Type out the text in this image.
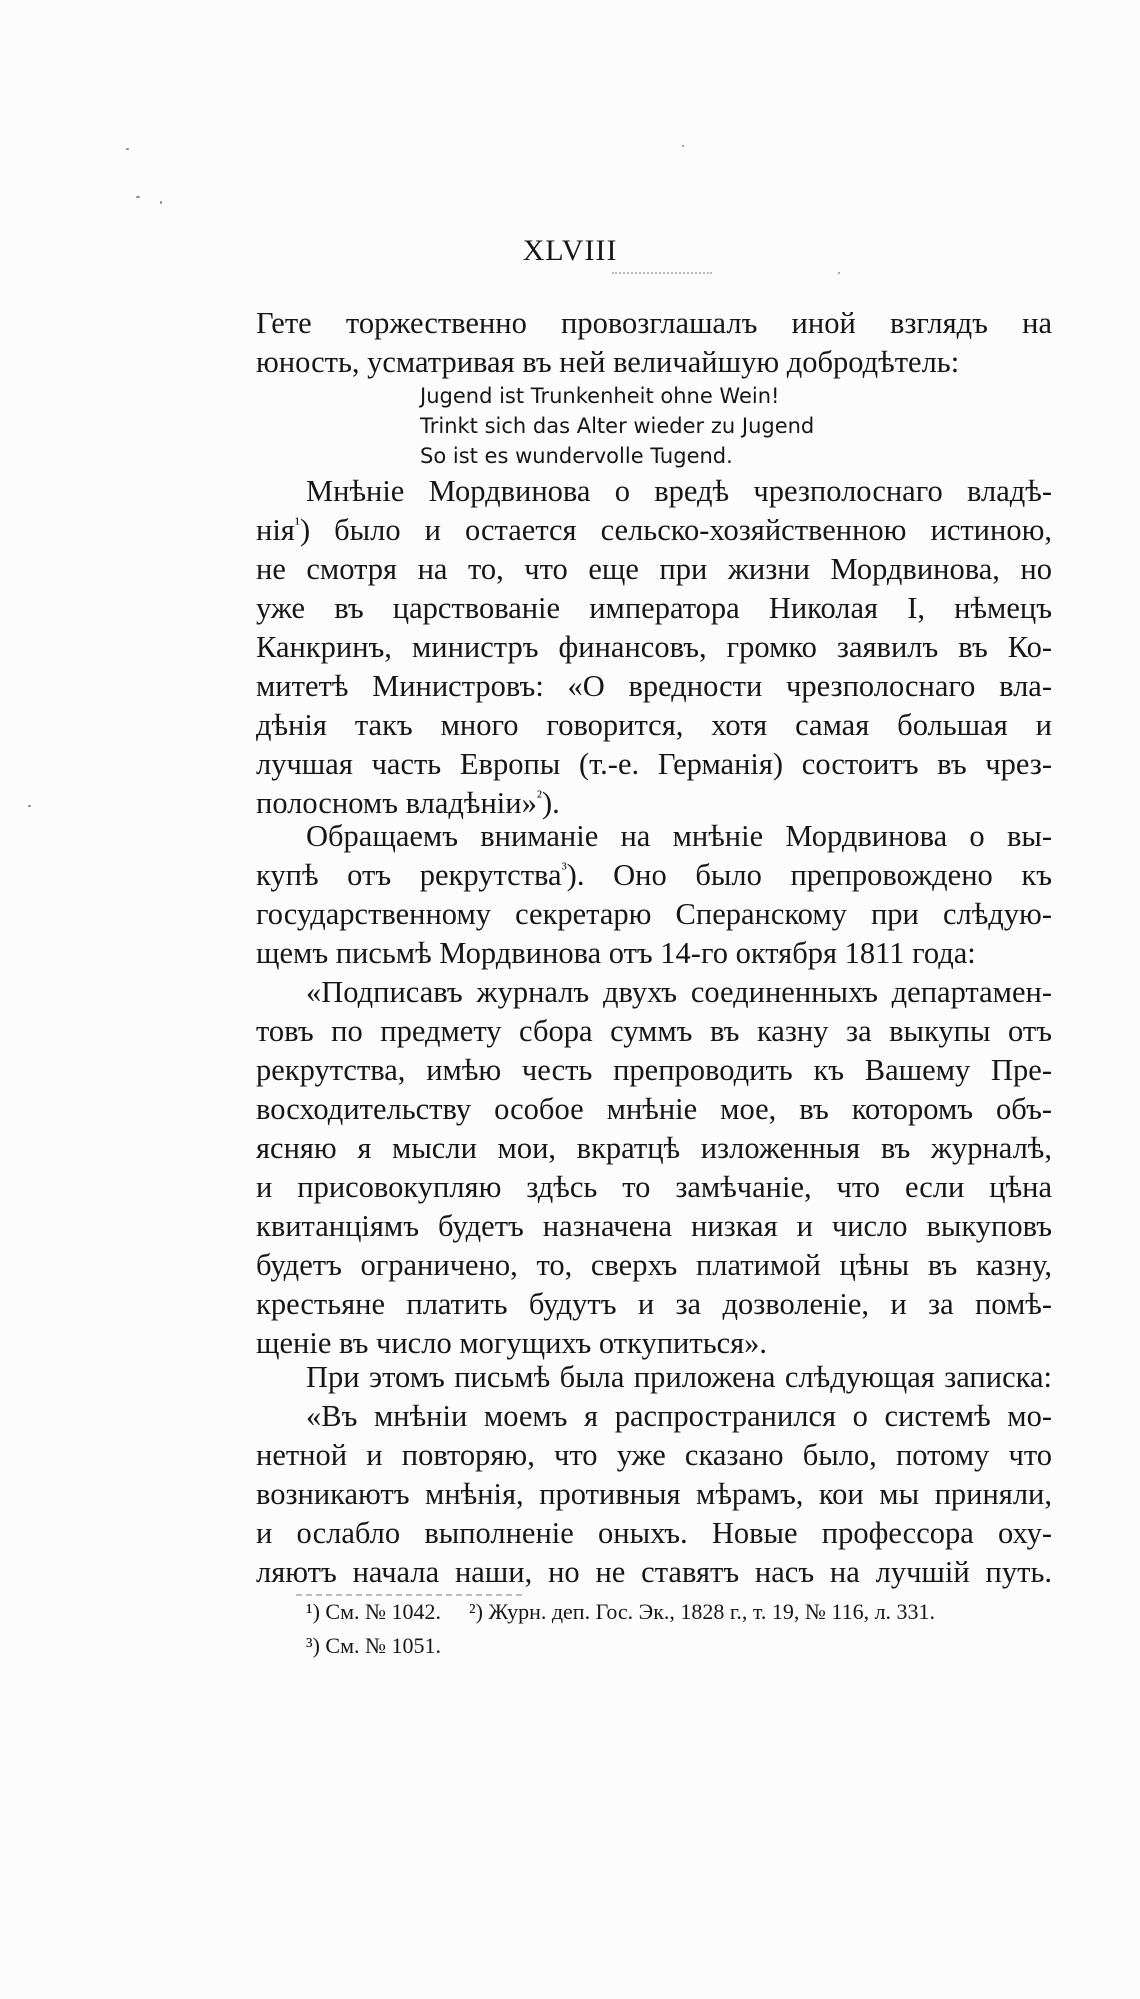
XLVIII
Гете торжественно провозглашалъ иной взглядъ на
юность, усматривая въ ней величайшую добродѣтель:
Jugend ist Trunkenheit ohne Wein!
Trinkt sich das Alter wieder zu Jugend
So ist es wundervolle Tugend.
Мнѣніе Мордвинова о вредѣ чрезполоснаго владѣ-
нія$^{^1}$) было и остается сельско-хозяйственною истиною,
не смотря на то, что еще при жизни Мордвинова, но
уже въ царствованіе императора Николая I, нѣмецъ
Канкринъ, министръ финансовъ, громко заявилъ въ Ко-
митетѣ Министровъ: «О вредности чрезполоснаго вла-
дѣнія такъ много говорится, хотя самая большая и
лучшая часть Европы (т.-е. Германія) состоитъ въ чрез-
полосномъ владѣніи»$^{^2}$).
Обращаемъ вниманіе на мнѣніе Мордвинова о вы-
купѣ отъ рекрутства$^{^3}$). Оно было препровождено къ
государственному секретарю Сперанскому при слѣдую-
щемъ письмѣ Мордвинова отъ 14-го октября 1811 года:
«Подписавъ журналъ двухъ соединенныхъ департамен-
товъ по предмету сбора суммъ въ казну за выкупы отъ
рекрутства, имѣю честь препроводить къ Вашему Пре-
восходительству особое мнѣніе мое, въ которомъ объ-
ясняю я мысли мои, вкратцѣ изложенныя въ журналѣ,
и присовокупляю здѣсь то замѣчаніе, что если цѣна
квитанціямъ будетъ назначена низкая и число выкуповъ
будетъ ограничено, то, сверхъ платимой цѣны въ казну,
крестьяне платить будутъ и за дозволеніе, и за помѣ-
щеніе въ число могущихъ откупиться».
При этомъ письмѣ была приложена слѣдующая записка:
«Въ мнѣніи моемъ я распространился о системѣ мо-
нетной и повторяю, что уже сказано было, потому что
возникаютъ мнѣнія, противныя мѣрамъ, кои мы приняли,
и ослабло выполненіе оныхъ. Новые профессора оху-
ляютъ начала наши, но не ставятъ насъ на лучшій путь.
¹) См. № 1042. ²) Журн. деп. Гос. Эк., 1828 г., т. 19, № 116, л. 331.
³) См. № 1051.
